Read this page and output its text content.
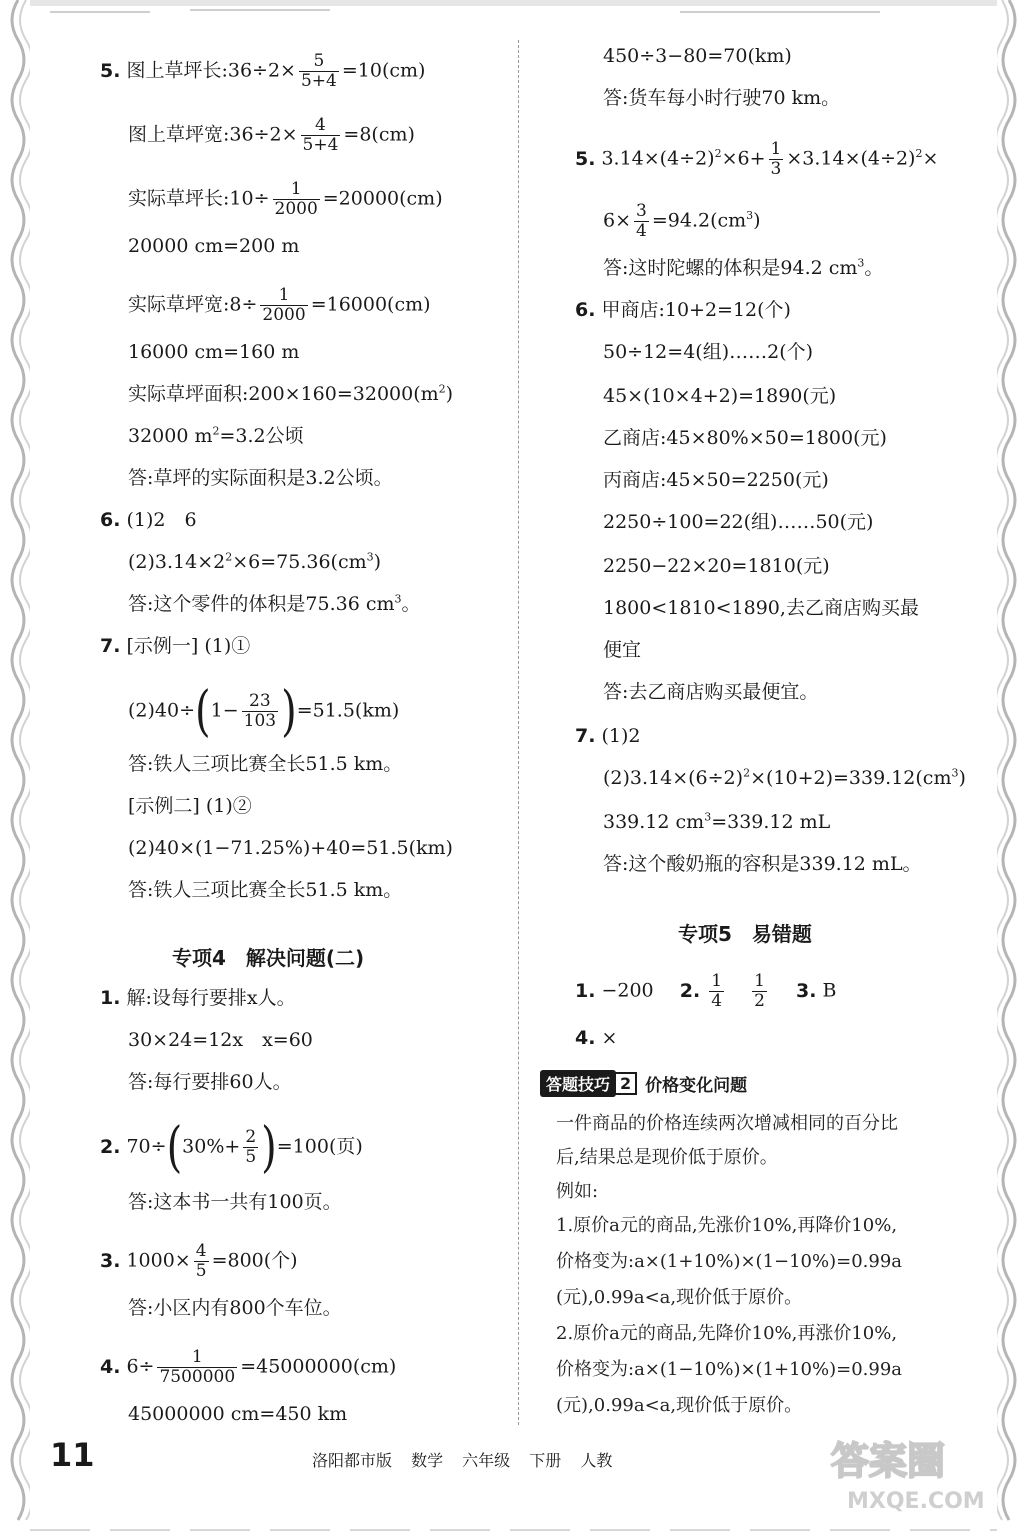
5. 图上草坪长:36÷2× $\frac{5}{5+4} =10(cm)$
图上草坪宽:36÷2× $\frac{4}{5+4} =8(cm)$
实际草坪长:10÷ $\frac{1}{2000} =20000(cm)$
20000 cm=200 m
实际草坪宽:8÷ $\frac{1}{2000} =16000(cm)$
16000 cm=160 m
实际草坪面积$:200\times 160=32000(m^2)$
32000 $m^2=3.2$公顷
答:草坪的实际面积是3.2公顷。
6. (1)2　6
$(2)3.14\times 2^2\times 6=75.36(cm^3)$
答:这个零件的体积是75.36 $cm^3$。
7. [示例一] (1)①
$(2)40\div(1- \frac{23}{103} )=51.5(km)$
答:铁人三项比赛全长51.5 km。
[示例二] (1)②
(2)40×(1−71.25%)+40=51.5(km)
答:铁人三项比赛全长51.5 km。
专项4　解决问题(二)
1. 解:设每行要排x人。
30×24=12x　x=60
答:每行要排60人。
2. $70\div(30\%+ \frac{2}{5} )=100$(页)
答:这本书一共有100页。
3. $1000\times \frac{4}{5} =800$(个)
答:小区内有800个车位。
4. $6\div \frac{1}{7500000} =45000000(cm)$
45000000 cm=450 km
450÷3−80=70(km)
答:货车每小时行驶70 km。
5. $3.14\times(4\div 2)^2\times 6+ \frac{1}{3} \times 3.14\times(4\div 2)^2\times$
$6\times \frac{3}{4} =94.2(cm^3)$
答:这时陀螺的体积是94.2 $cm^3$。
6. 甲商店:10+2=12(个)
50÷12=4(组)……2(个)
45×(10×4+2)=1890(元)
乙商店:45×80%×50=1800(元)
丙商店:45×50=2250(元)
2250÷100=22(组)……50(元)
2250−22×20=1810(元)
1800<1810<1890,去乙商店购买最
便宜
答:去乙商店购买最便宜。
7. (1)2
$(2)3.14\times(6\div 2)^2\times(10+2)=339.12(cm^3)$
339.12 $cm^3=339.12$ mL
答:这个酸奶瓶的容积是339.12 mL。
专项5　易错题
1. −200 2. $\frac{1}{4}$
$\frac{1}{2} 3$. B
4. ×
答题技巧 2 价格变化问题
一件商品的价格连续两次增减相同的百分比
后,结果总是现价低于原价。
例如:
1.原价a元的商品,先涨价10%,再降价10%,
价格变为:a×(1+10%)×(1−10%)=0.99a
(元),0.99a<a,现价低于原价。
2.原价a元的商品,先降价10%,再涨价10%,
价格变为:a×(1−10%)×(1+10%)=0.99a
(元),0.99a<a,现价低于原价。
11	洛阳都市版 数学 六年级 下册 人教	答案圈
MXQE.COM
